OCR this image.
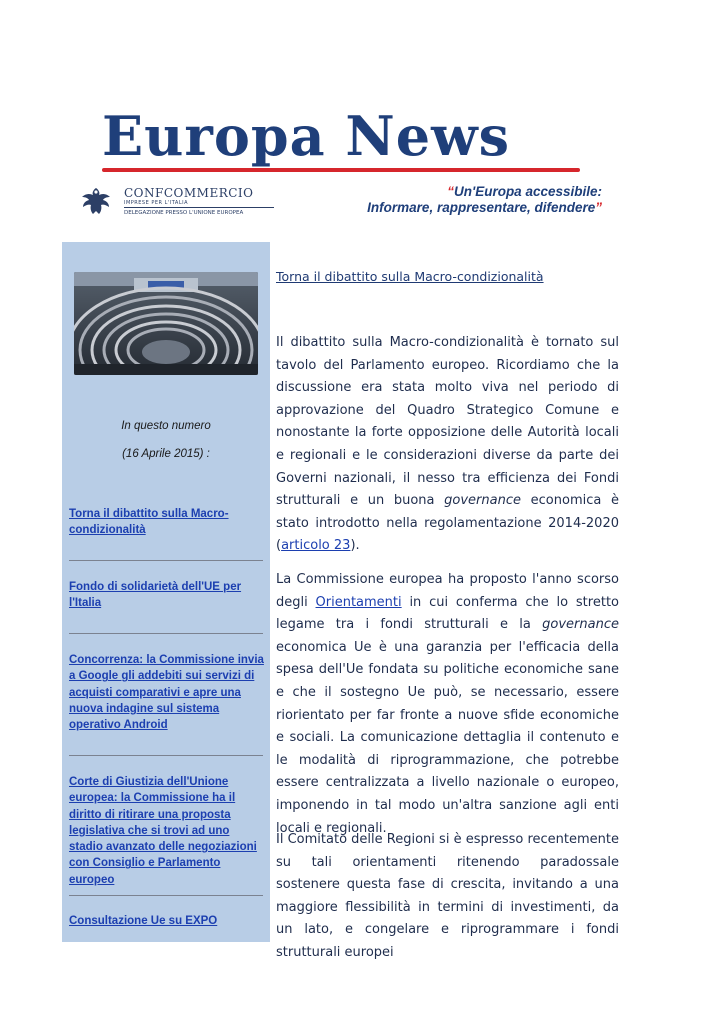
Europa News
CONFCOMMERCIO
IMPRESE PER L'ITALIA
DELEGAZIONE PRESSO L'UNIONE EUROPEA
“Un'Europa accessibile:
Informare, rappresentare, difendere”
In questo numero
(16 Aprile 2015) :
Torna il dibattito sulla Macro-condizionalità
Fondo di solidarietà dell'UE per l'Italia
Concorrenza: la Commissione invia a Google gli addebiti sui servizi di acquisti comparativi e apre una nuova indagine sul sistema operativo Android
Corte di Giustizia dell'Unione europea: la Commissione ha il diritto di ritirare una proposta legislativa che si trovi ad uno stadio avanzato delle negoziazioni con Consiglio e Parlamento europeo
Consultazione Ue su EXPO
Torna il dibattito sulla Macro-condizionalità

Il dibattito sulla Macro-condizionalità è tornato sul tavolo del Parlamento europeo. Ricordiamo che la discussione era stata molto viva nel periodo di approvazione del Quadro Strategico Comune e nonostante la forte opposizione delle Autorità locali e regionali e le considerazioni diverse da parte dei Governi nazionali, il nesso tra efficienza dei Fondi strutturali e un buona governance economica è stato introdotto nella regolamentazione 2014-2020 (articolo 23).

La Commissione europea ha proposto l'anno scorso degli Orientamenti in cui conferma che lo stretto legame tra i fondi strutturali e la governance economica Ue è una garanzia per l'efficacia della spesa dell'Ue fondata su politiche economiche sane e che il sostegno Ue può, se necessario, essere riorientato per far fronte a nuove sfide economiche e sociali. La comunicazione dettaglia il contenuto e le modalità di riprogrammazione, che potrebbe essere centralizzata a livello nazionale o europeo, imponendo in tal modo un'altra sanzione agli enti locali e regionali.

Il Comitato delle Regioni si è espresso recentemente su tali orientamenti ritenendo paradossale sostenere questa fase di crescita, invitando a una maggiore flessibilità in termini di investimenti, da un lato, e congelare e riprogrammare i fondi strutturali europei
